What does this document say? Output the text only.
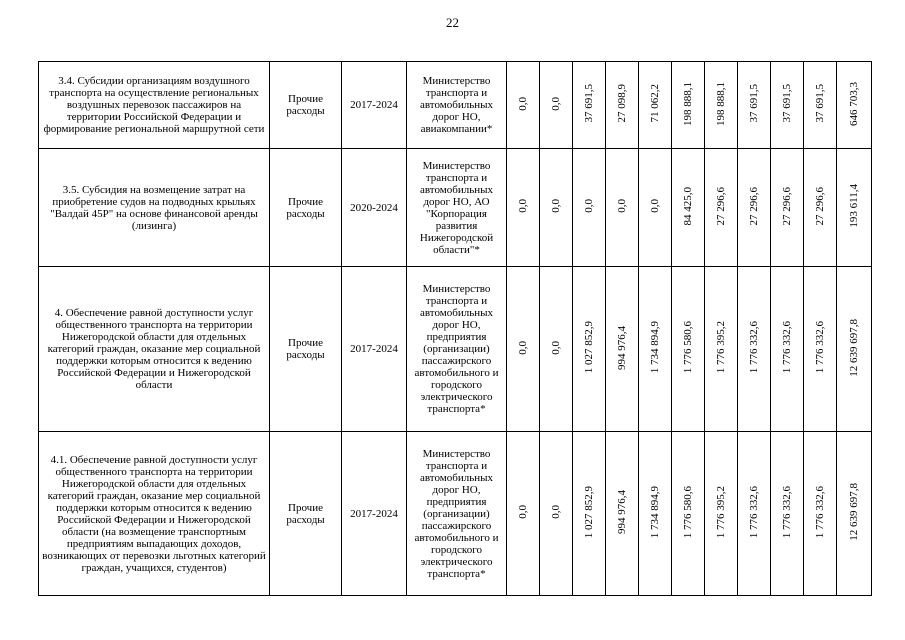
22
3.4. Субсидии организациям воздушного транспорта на осуществление региональных воздушных перевозок пассажиров на территории Российской Федерации и формирование региональной маршрутной сети	Прочие расходы	2017-2024	Министерство транспорта и автомобильных дорог НО, авиакомпании*	0,0	0,0	37 691,5	27 098,9	71 062,2	198 888,1	198 888,1	37 691,5	37 691,5	37 691,5	646 703,3
3.5. Субсидия на возмещение затрат на приобретение судов на подводных крыльях "Валдай 45Р" на основе финансовой аренды (лизинга)	Прочие расходы	2020-2024	Министерство транспорта и автомобильных дорог НО, АО "Корпорация развития Нижегородской области"*	0,0	0,0	0,0	0,0	0,0	84 425,0	27 296,6	27 296,6	27 296,6	27 296,6	193 611,4
4. Обеспечение равной доступности услуг общественного транспорта на территории Нижегородской области для отдельных категорий граждан, оказание мер социальной поддержки которым относится к ведению Российской Федерации и Нижегородской области	Прочие расходы	2017-2024	Министерство транспорта и автомобильных дорог НО, предприятия (организации) пассажирского автомобильного и городского электрического транспорта*	0,0	0,0	1 027 852,9	994 976,4	1 734 894,9	1 776 580,6	1 776 395,2	1 776 332,6	1 776 332,6	1 776 332,6	12 639 697,8
4.1. Обеспечение равной доступности услуг общественного транспорта на территории Нижегородской области для отдельных категорий граждан, оказание мер социальной поддержки которым относится к ведению Российской Федерации и Нижегородской области (на возмещение транспортным предприятиям выпадающих доходов, возникающих от перевозки льготных категорий граждан, учащихся, студентов)	Прочие расходы	2017-2024	Министерство транспорта и автомобильных дорог НО, предприятия (организации) пассажирского автомобильного и городского электрического транспорта*	0,0	0,0	1 027 852,9	994 976,4	1 734 894,9	1 776 580,6	1 776 395,2	1 776 332,6	1 776 332,6	1 776 332,6	12 639 697,8
